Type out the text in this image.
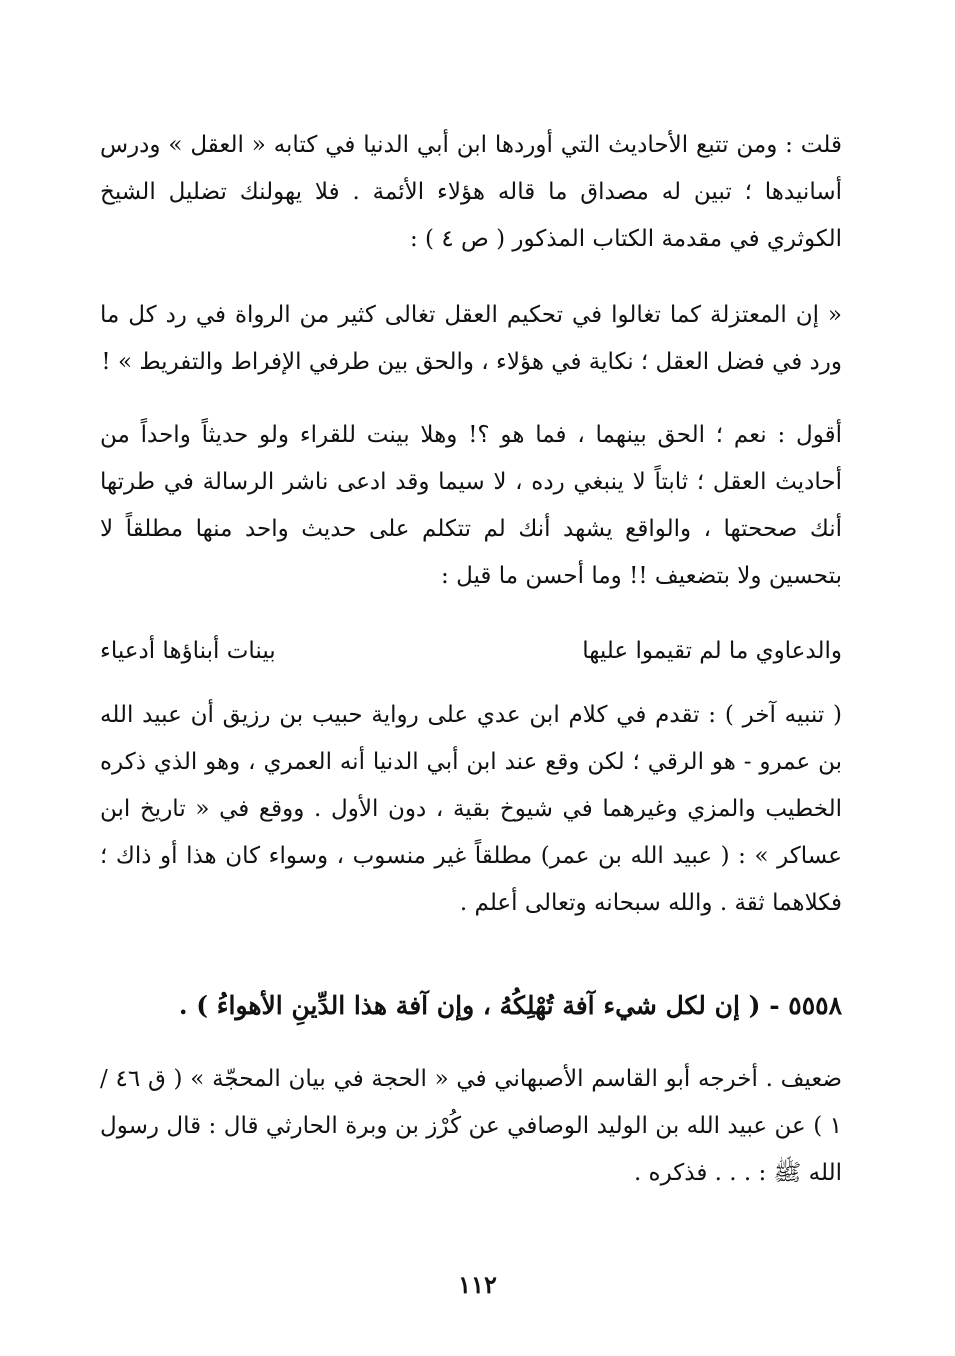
قلت : ومن تتبع الأحاديث التي أوردها ابن أبي الدنيا في كتابه « العقل » ودرس أسانيدها ؛ تبين له مصداق ما قاله هؤلاء الأئمة . فلا يهولنك تضليل الشيخ الكوثري في مقدمة الكتاب المذكور ( ص ٤ ) :

« إن المعتزلة كما تغالوا في تحكيم العقل تغالى كثير من الرواة في رد كل ما ورد في فضل العقل ؛ نكاية في هؤلاء ، والحق بين طرفي الإفراط والتفريط » !

أقول : نعم ؛ الحق بينهما ، فما هو ؟! وهلا بينت للقراء ولو حديثاً واحداً من أحاديث العقل ؛ ثابتاً لا ينبغي رده ، لا سيما وقد ادعى ناشر الرسالة في طرتها أنك صححتها ، والواقع يشهد أنك لم تتكلم على حديث واحد منها مطلقاً لا بتحسين ولا بتضعيف !! وما أحسن ما قيل :

والدعاوي ما لم تقيموا عليها
بينات أبناؤها أدعياء

( تنبيه آخر ) : تقدم في كلام ابن عدي على رواية حبيب بن رزيق أن عبيد الله بن عمرو - هو الرقي ؛ لكن وقع عند ابن أبي الدنيا أنه العمري ، وهو الذي ذكره الخطيب والمزي وغيرهما في شيوخ بقية ، دون الأول . ووقع في « تاريخ ابن عساكر » : ( عبيد الله بن عمر) مطلقاً غير منسوب ، وسواء كان هذا أو ذاك ؛ فكلاهما ثقة . والله سبحانه وتعالى أعلم .

٥٥٥٨ - ( إن لكل شيء آفة تُهْلِكُهُ ، وإن آفة هذا الدِّينِ الأهواءُ ) .

ضعيف . أخرجه أبو القاسم الأصبهاني في « الحجة في بيان المحجّة » ( ق ٤٦ / ١ ) عن عبيد الله بن الوليد الوصافي عن كُرْز بن وبرة الحارثي قال : قال رسول الله ﷺ : . . . فذكره .

١١٢
